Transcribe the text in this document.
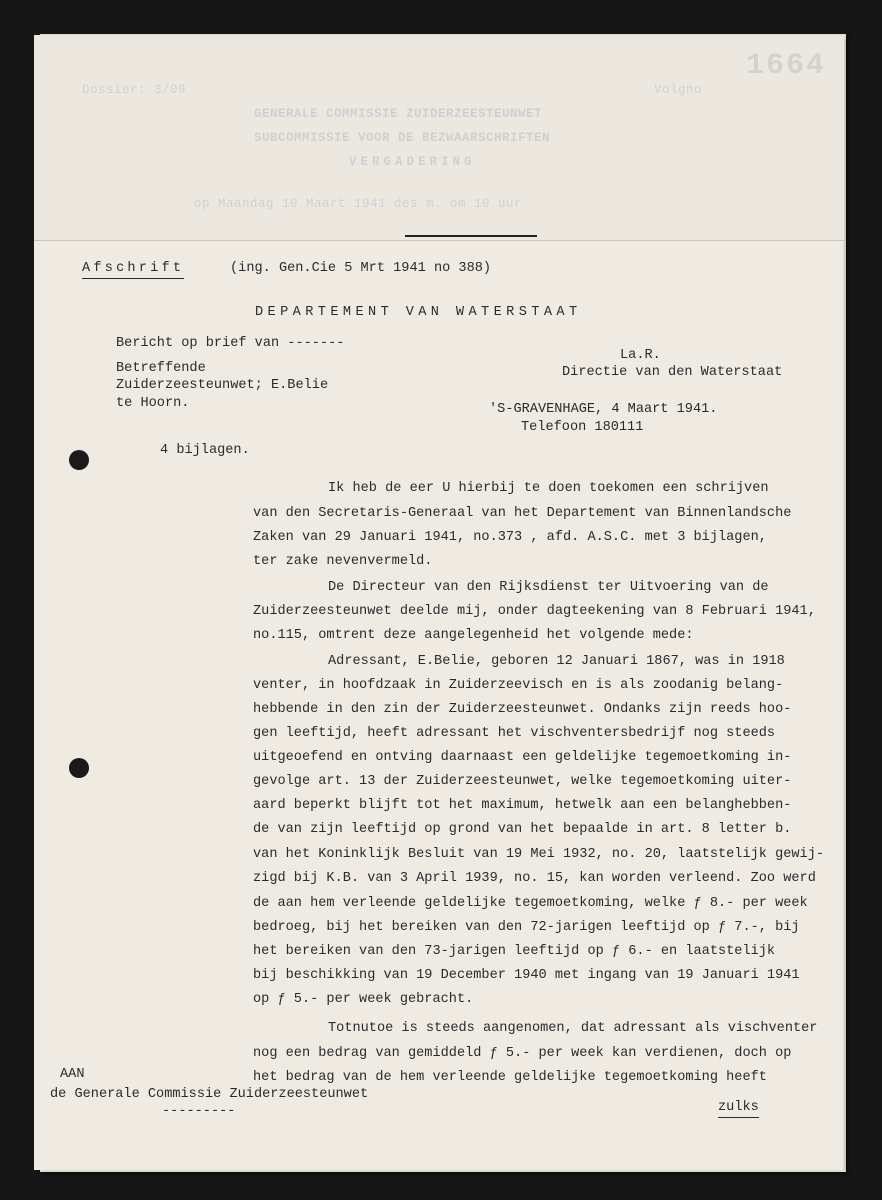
Dossier: 3/09	Volgno
1664
GENERALE COMMISSIE ZUIDERZEESTEUNWET
SUBCOMMISSIE VOOR DE BEZWAARSCHRIFTEN
VERGADERING
op Maandag 10 Maart 1941 des m. om 10 uur
Afschrift	(ing. Gen.Cie 5 Mrt 1941 no 388)
DEPARTEMENT VAN WATERSTAAT
Bericht op brief van -------
Betreffende
Zuiderzeesteunwet; E.Belie
te Hoorn.
4 bijlagen.
La.R.
Directie van den Waterstaat
'S-GRAVENHAGE, 4 Maart 1941.
Telefoon 180111
Ik heb de eer U hierbij te doen toekomen een schrijven
van den Secretaris-Generaal van het Departement van Binnenlandsche
Zaken van 29 Januari 1941, no.373 , afd. A.S.C. met 3 bijlagen,
ter zake nevenvermeld.
De Directeur van den Rijksdienst ter Uitvoering van de
Zuiderzeesteunwet deelde mij, onder dagteekening van 8 Februari 1941,
no.115, omtrent deze aangelegenheid het volgende mede:
Adressant, E.Belie, geboren 12 Januari 1867, was in 1918
venter, in hoofdzaak in Zuiderzeevisch en is als zoodanig belang-
hebbende in den zin der Zuiderzeesteunwet. Ondanks zijn reeds hoo-
gen leeftijd, heeft adressant het vischventersbedrijf nog steeds
uitgeoefend en ontving daarnaast een geldelijke tegemoetkoming in-
gevolge art. 13 der Zuiderzeesteunwet, welke tegemoetkoming uiter-
aard beperkt blijft tot het maximum, hetwelk aan een belanghebben-
de van zijn leeftijd op grond van het bepaalde in art. 8 letter b.
van het Koninklijk Besluit van 19 Mei 1932, no. 20, laatstelijk gewij-
zigd bij K.B. van 3 April 1939, no. 15, kan worden verleend. Zoo werd
de aan hem verleende geldelijke tegemoetkoming, welke ƒ 8.- per week
bedroeg, bij het bereiken van den 72-jarigen leeftijd op ƒ 7.-, bij
het bereiken van den 73-jarigen leeftijd op ƒ 6.- en laatstelijk
bij beschikking van 19 December 1940 met ingang van 19 Januari 1941
op ƒ 5.- per week gebracht.
Totnutoe is steeds aangenomen, dat adressant als vischventer
nog een bedrag van gemiddeld ƒ 5.- per week kan verdienen, doch op
het bedrag van de hem verleende geldelijke tegemoetkoming heeft
AAN
de Generale Commissie Zuiderzeesteunwet
---------	zulks
